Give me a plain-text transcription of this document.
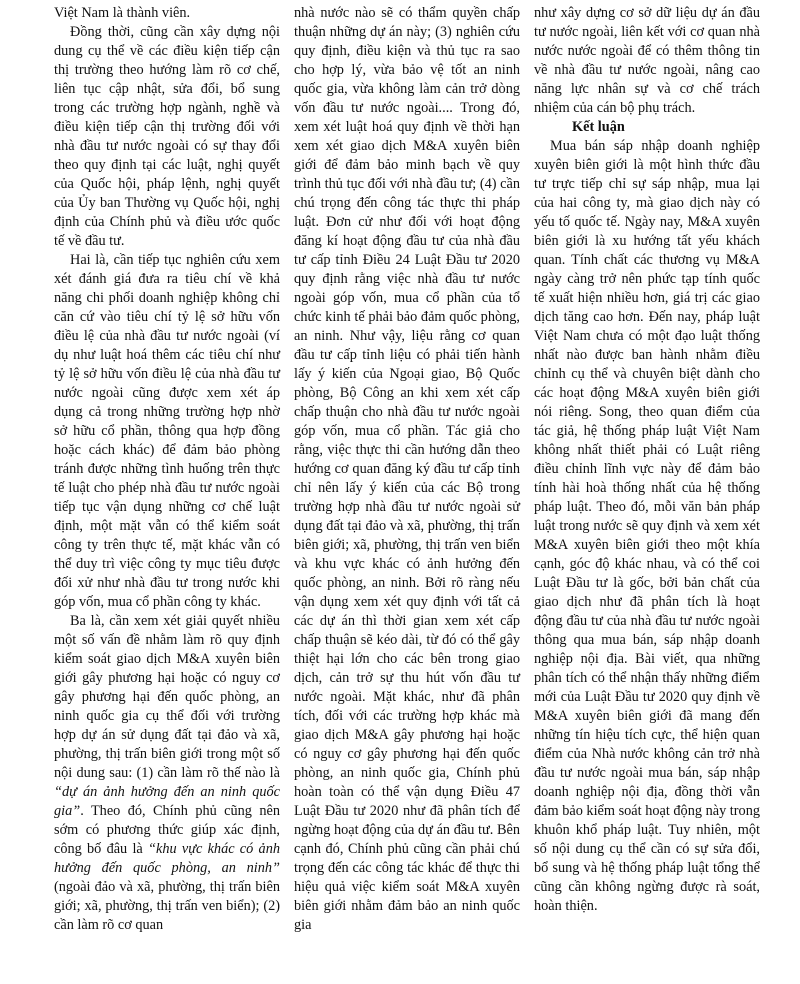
Việt Nam là thành viên.

Đồng thời, cũng cần xây dựng nội dung cụ thể về các điều kiện tiếp cận thị trường theo hướng làm rõ cơ chế, liên tục cập nhật, sửa đổi, bổ sung trong các trường hợp ngành, nghề và điều kiện tiếp cận thị trường đối với nhà đầu tư nước ngoài có sự thay đổi theo quy định tại các luật, nghị quyết của Quốc hội, pháp lệnh, nghị quyết của Ủy ban Thường vụ Quốc hội, nghị định của Chính phủ và điều ước quốc tế về đầu tư.

Hai là, cần tiếp tục nghiên cứu xem xét đánh giá đưa ra tiêu chí về khả năng chi phối doanh nghiệp không chỉ căn cứ vào tiêu chí tỷ lệ sở hữu vốn điều lệ của nhà đầu tư nước ngoài (ví dụ như luật hoá thêm các tiêu chí như tỷ lệ sở hữu vốn điều lệ của nhà đầu tư nước ngoài cũng được xem xét áp dụng cả trong những trường hợp nhờ sở hữu cổ phần, thông qua hợp đồng hoặc cách khác) để đảm bảo phòng tránh được những tình huống trên thực tế luật cho phép nhà đầu tư nước ngoài tiếp tục vận dụng những cơ chế luật định, một mặt vẫn có thể kiểm soát công ty trên thực tế, mặt khác vẫn có thể duy trì việc công ty mục tiêu được đối xử như nhà đầu tư trong nước khi góp vốn, mua cổ phần công ty khác.

Ba là, cần xem xét giải quyết nhiều một số vấn đề nhằm làm rõ quy định kiểm soát giao dịch M&A xuyên biên giới gây phương hại hoặc có nguy cơ gây phương hại đến quốc phòng, an ninh quốc gia cụ thể đối với trường hợp dự án sử dụng đất tại đảo và xã, phường, thị trấn biên giới trong một số nội dung sau: (1) cần làm rõ thế nào là “dự án ảnh hưởng đến an ninh quốc gia”. Theo đó, Chính phủ cũng nên sớm có phương thức giúp xác định, công bố đâu là “khu vực khác có ảnh hưởng đến quốc phòng, an ninh” (ngoài đảo và xã, phường, thị trấn biên giới; xã, phường, thị trấn ven biển); (2) cần làm rõ cơ quan

nhà nước nào sẽ có thẩm quyền chấp thuận những dự án này; (3) nghiên cứu quy định, điều kiện và thủ tục ra sao cho hợp lý, vừa bảo vệ tốt an ninh quốc gia, vừa không làm cản trở dòng vốn đầu tư nước ngoài.... Trong đó, xem xét luật hoá quy định về thời hạn xem xét giao dịch M&A xuyên biên giới để đảm bảo minh bạch về quy trình thủ tục đối với nhà đầu tư; (4) cần chú trọng đến công tác thực thi pháp luật. Đơn cử như đối với hoạt động đăng kí hoạt động đầu tư của nhà đầu tư cấp tỉnh Điều 24 Luật Đầu tư 2020 quy định rằng việc nhà đầu tư nước ngoài góp vốn, mua cổ phần của tổ chức kinh tế phải bảo đảm quốc phòng, an ninh. Như vậy, liệu rằng cơ quan đầu tư cấp tỉnh liệu có phải tiến hành lấy ý kiến của Ngoại giao, Bộ Quốc phòng, Bộ Công an khi xem xét cấp chấp thuận cho nhà đầu tư nước ngoài góp vốn, mua cổ phần. Tác giả cho rằng, việc thực thi cần hướng dẫn theo hướng cơ quan đăng ký đầu tư cấp tỉnh chỉ nên lấy ý kiến của các Bộ trong trường hợp nhà đầu tư nước ngoài sử dụng đất tại đảo và xã, phường, thị trấn biên giới; xã, phường, thị trấn ven biển và khu vực khác có ảnh hưởng đến quốc phòng, an ninh. Bởi rõ ràng nếu vận dụng xem xét quy định với tất cả các dự án thì thời gian xem xét cấp chấp thuận sẽ kéo dài, từ đó có thể gây thiệt hại lớn cho các bên trong giao dịch, cản trở sự thu hút vốn đầu tư nước ngoài. Mặt khác, như đã phân tích, đối với các trường hợp khác mà giao dịch M&A gây phương hại hoặc có nguy cơ gây phương hại đến quốc phòng, an ninh quốc gia, Chính phủ hoàn toàn có thể vận dụng Điều 47 Luật Đầu tư 2020 như đã phân tích để ngừng hoạt động của dự án đầu tư. Bên cạnh đó, Chính phủ cũng cần phải chú trọng đến các công tác khác để thực thi hiệu quả việc kiểm soát M&A xuyên biên giới nhằm đảm bảo an ninh quốc gia

như xây dựng cơ sở dữ liệu dự án đầu tư nước ngoài, liên kết với cơ quan nhà nước nước ngoài để có thêm thông tin về nhà đầu tư nước ngoài, nâng cao năng lực nhân sự và cơ chế trách nhiệm của cán bộ phụ trách.

Kết luận

Mua bán sáp nhập doanh nghiệp xuyên biên giới là một hình thức đầu tư trực tiếp chỉ sự sáp nhập, mua lại của hai công ty, mà giao dịch này có yếu tố quốc tế. Ngày nay, M&A xuyên biên giới là xu hướng tất yếu khách quan. Tính chất các thương vụ M&A ngày càng trở nên phức tạp tính quốc tế xuất hiện nhiều hơn, giá trị các giao dịch tăng cao hơn. Đến nay, pháp luật Việt Nam chưa có một đạo luật thống nhất nào được ban hành nhằm điều chỉnh cụ thể và chuyên biệt dành cho các hoạt động M&A xuyên biên giới nói riêng. Song, theo quan điểm của tác giả, hệ thống pháp luật Việt Nam không nhất thiết phải có Luật riêng điều chỉnh lĩnh vực này để đảm bảo tính hài hoà thống nhất của hệ thống pháp luật. Theo đó, mỗi văn bản pháp luật trong nước sẽ quy định và xem xét M&A xuyên biên giới theo một khía cạnh, góc độ khác nhau, và có thể coi Luật Đầu tư là gốc, bởi bản chất của giao dịch như đã phân tích là hoạt động đầu tư của nhà đầu tư nước ngoài thông qua mua bán, sáp nhập doanh nghiệp nội địa. Bài viết, qua những phân tích có thể nhận thấy những điểm mới của Luật Đầu tư 2020 quy định về M&A xuyên biên giới đã mang đến những tín hiệu tích cực, thể hiện quan điểm của Nhà nước không cản trở nhà đầu tư nước ngoài mua bán, sáp nhập doanh nghiệp nội địa, đồng thời vẫn đảm bảo kiểm soát hoạt động này trong khuôn khổ pháp luật. Tuy nhiên, một số nội dung cụ thể cần có sự sửa đổi, bổ sung và hệ thống pháp luật tổng thể cũng cần không ngừng được rà soát, hoàn thiện.
